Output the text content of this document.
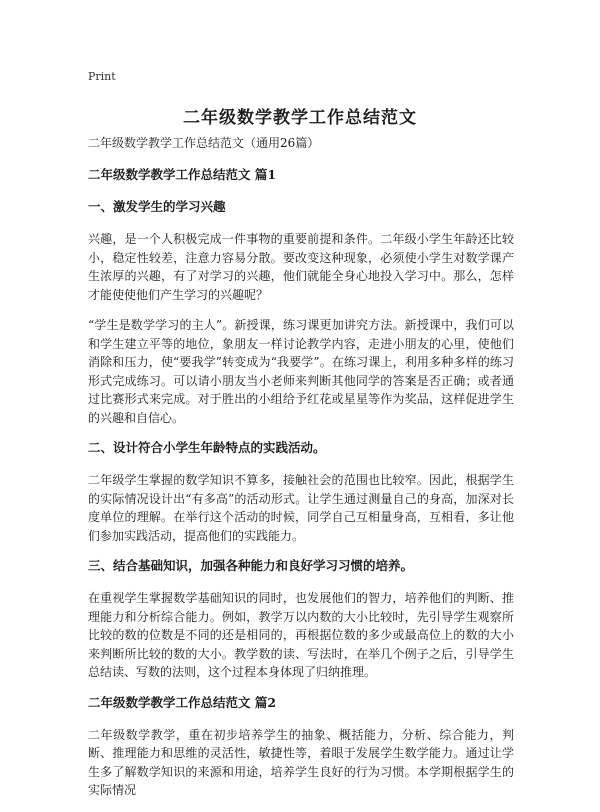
Print
二年级数学教学工作总结范文

二年级数学教学工作总结范文（通用26篇）

二年级数学教学工作总结范文 篇1
一、激发学生的学习兴趣

兴趣，是一个人积极完成一件事物的重要前提和条件。二年级小学生年龄还比较小，稳定性较差，注意力容易分散。要改变这种现象，必须使小学生对数学课产生浓厚的兴趣，有了对学习的兴趣，他们就能全身心地投入学习中。那么，怎样才能使使他们产生学习的兴趣呢？

“学生是数学学习的主人”。新授课，练习课更加讲究方法。新授课中，我们可以和学生建立平等的地位，象朋友一样讨论教学内容，走进小朋友的心里，使他们消除和压力，使“要我学”转变成为“我要学”。在练习课上，利用多种多样的练习形式完成练习。可以请小朋友当小老师来判断其他同学的答案是否正确；或者通过比赛形式来完成。对于胜出的小组给予红花或星星等作为奖品，这样促进学生的兴趣和自信心。

二、设计符合小学生年龄特点的实践活动。

二年级学生掌握的数学知识不算多，接触社会的范围也比较窄。因此，根据学生的实际情况设计出“有多高”的活动形式。让学生通过测量自己的身高，加深对长度单位的理解。在举行这个活动的时候，同学自己互相量身高，互相看，多让他们参加实践活动，提高他们的实践能力。

三、结合基础知识，加强各种能力和良好学习习惯的培养。

在重视学生掌握数学基础知识的同时，也发展他们的智力，培养他们的判断、推理能力和分析综合能力。例如，教学万以内数的大小比较时，先引导学生观察所比较的数的位数是不同的还是相同的，再根据位数的多少或最高位上的数的大小来判断所比较的数的大小。教学数的读、写法时，在举几个例子之后，引导学生总结读、写数的法则，这个过程本身体现了归纳推理。

二年级数学教学工作总结范文 篇2

二年级数学教学，重在初步培养学生的抽象、概括能力，分析、综合能力，判断、推理能力和思维的灵活性，敏捷性等，着眼于发展学生数学能力。通过让学生多了解数学知识的来源和用途，培养学生良好的行为习惯。本学期根据学生的实际情况
